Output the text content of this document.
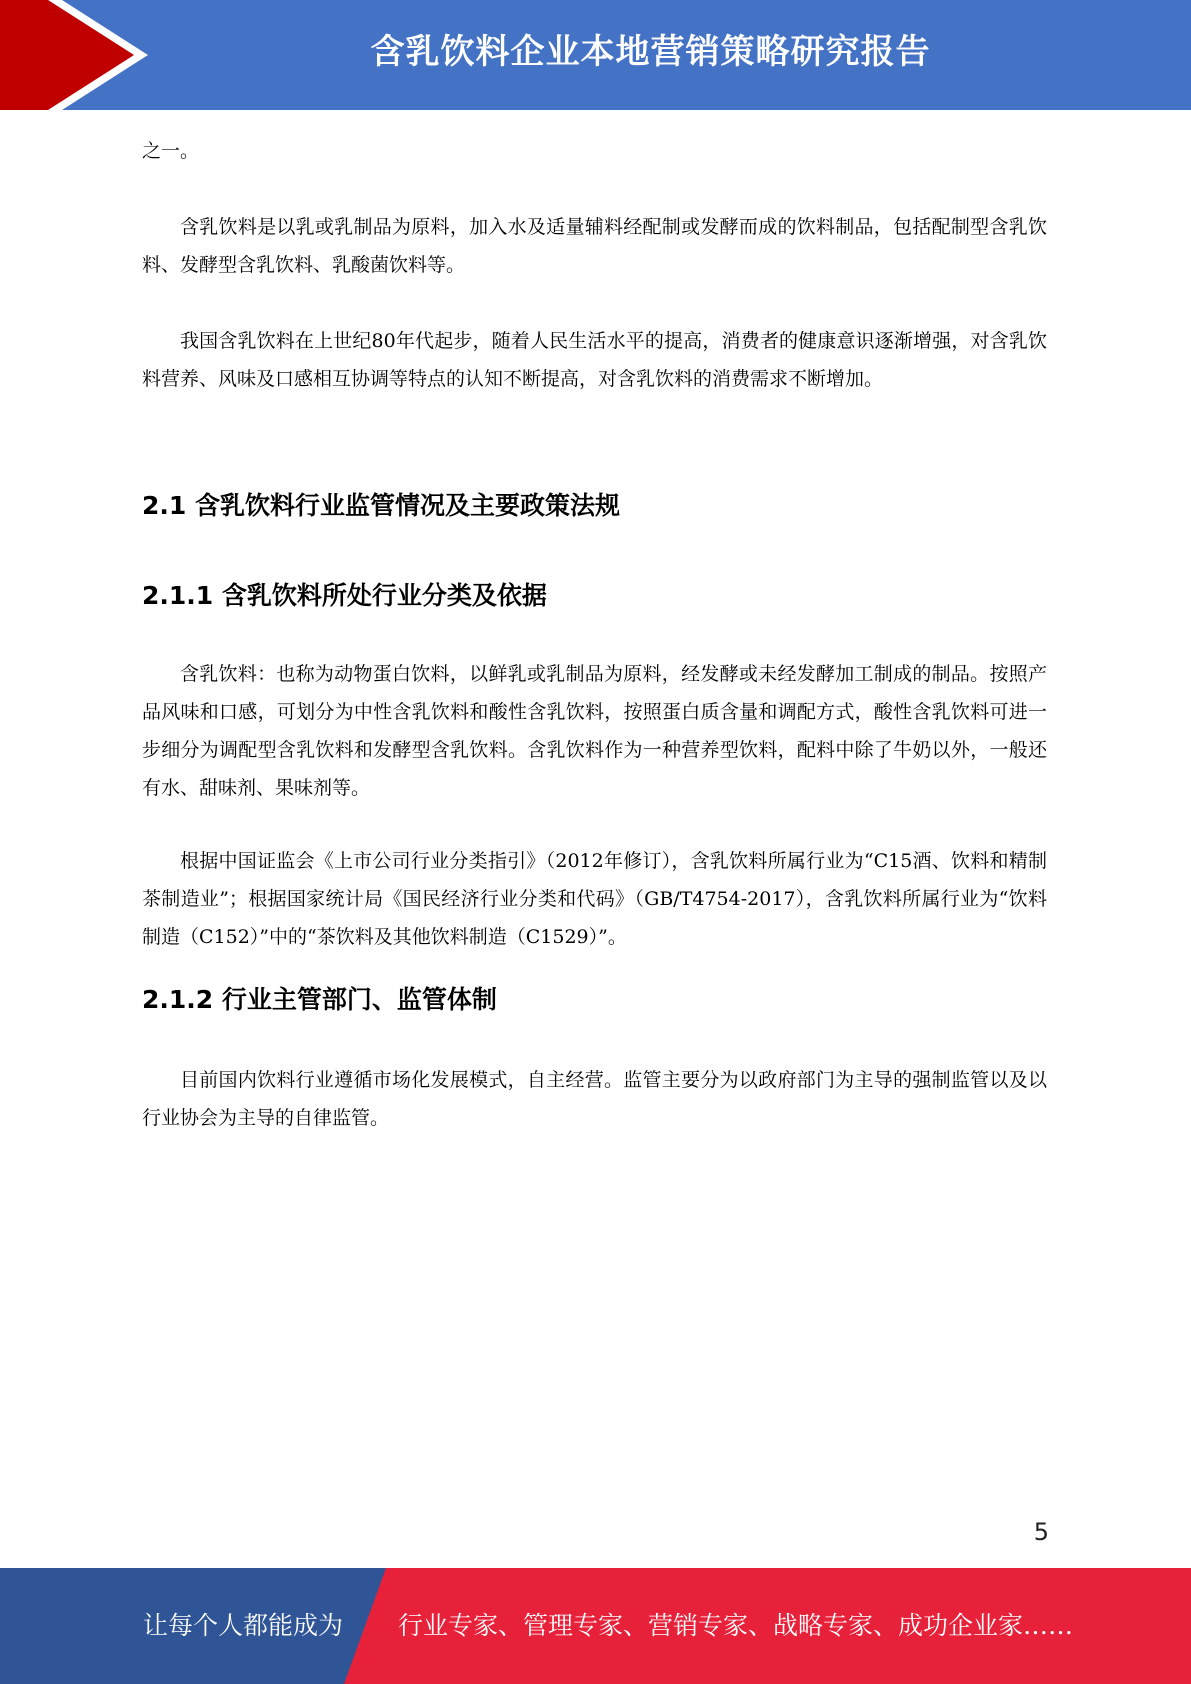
含乳饮料企业本地营销策略研究报告

之一。

含乳饮料是以乳或乳制品为原料，加入水及适量辅料经配制或发酵而成的饮料制品，包括配制型含乳饮料、发酵型含乳饮料、乳酸菌饮料等。

我国含乳饮料在上世纪80年代起步，随着人民生活水平的提高，消费者的健康意识逐渐增强，对含乳饮料营养、风味及口感相互协调等特点的认知不断提高，对含乳饮料的消费需求不断增加。

2.1 含乳饮料行业监管情况及主要政策法规
2.1.1 含乳饮料所处行业分类及依据

含乳饮料：也称为动物蛋白饮料，以鲜乳或乳制品为原料，经发酵或未经发酵加工制成的制品。按照产品风味和口感，可划分为中性含乳饮料和酸性含乳饮料，按照蛋白质含量和调配方式，酸性含乳饮料可进一步细分为调配型含乳饮料和发酵型含乳饮料。含乳饮料作为一种营养型饮料，配料中除了牛奶以外，一般还有水、甜味剂、果味剂等。

根据中国证监会《上市公司行业分类指引》（2012年修订），含乳饮料所属行业为“C15酒、饮料和精制茶制造业”；根据国家统计局《国民经济行业分类和代码》（GB/T4754-2017），含乳饮料所属行业为“饮料制造（C152）”中的“茶饮料及其他饮料制造（C1529）”。

2.1.2 行业主管部门、监管体制

目前国内饮料行业遵循市场化发展模式，自主经营。监管主要分为以政府部门为主导的强制监管以及以行业协会为主导的自律监管。

5
让每个人都能成为 行业专家、管理专家、营销专家、战略专家、成功企业家……
